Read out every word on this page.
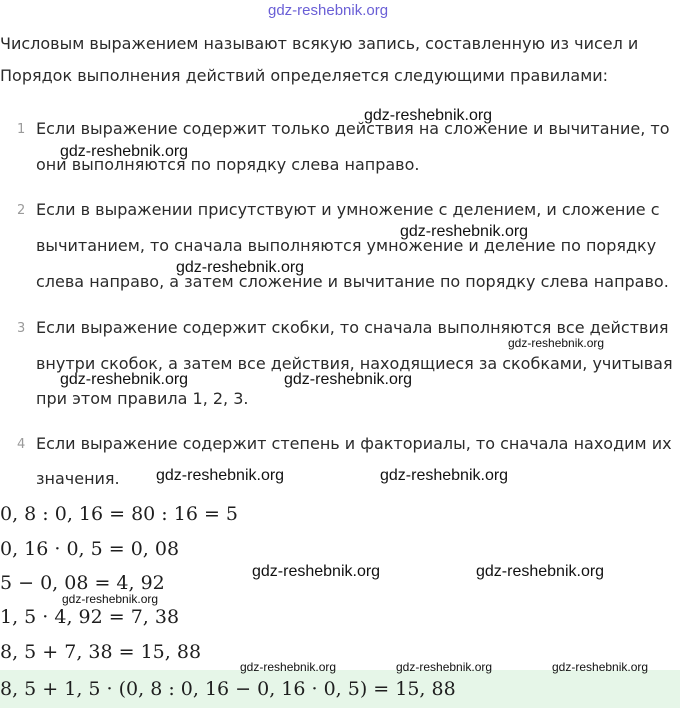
gdz-reshebnik.org
Числовым выражением называют всякую запись, составленную из чисел и
Порядок выполнения действий определяется следующими правилами:
1 Если выражение содержит только действия на сложение и вычитание, то
они выполняются по порядку слева направо.
2 Если в выражении присутствуют и умножение с делением, и сложение с
вычитанием, то сначала выполняются умножение и деление по порядку
слева направо, а затем сложение и вычитание по порядку слева направо.
3 Если выражение содержит скобки, то сначала выполняются все действия
внутри скобок, а затем все действия, находящиеся за скобками, учитывая
при этом правила 1, 2, 3.
4 Если выражение содержит степень и факториалы, то сначала находим их
значения.
0, 8 : 0, 16 = 80 : 16 = 5
0, 16 · 0, 5 = 0, 08
5 − 0, 08 = 4, 92
1, 5 · 4, 92 = 7, 38
8, 5 + 7, 38 = 15, 88
8, 5 + 1, 5 · (0, 8 : 0, 16 − 0, 16 · 0, 5) = 15, 88
gdz-reshebnik.org
gdz-reshebnik.org
gdz-reshebnik.org
gdz-reshebnik.org
gdz-reshebnik.org
gdz-reshebnik.org	gdz-reshebnik.org
gdz-reshebnik.org	gdz-reshebnik.org
gdz-reshebnik.org	gdz-reshebnik.org
gdz-reshebnik.org
gdz-reshebnik.org	gdz-reshebnik.org	gdz-reshebnik.org
